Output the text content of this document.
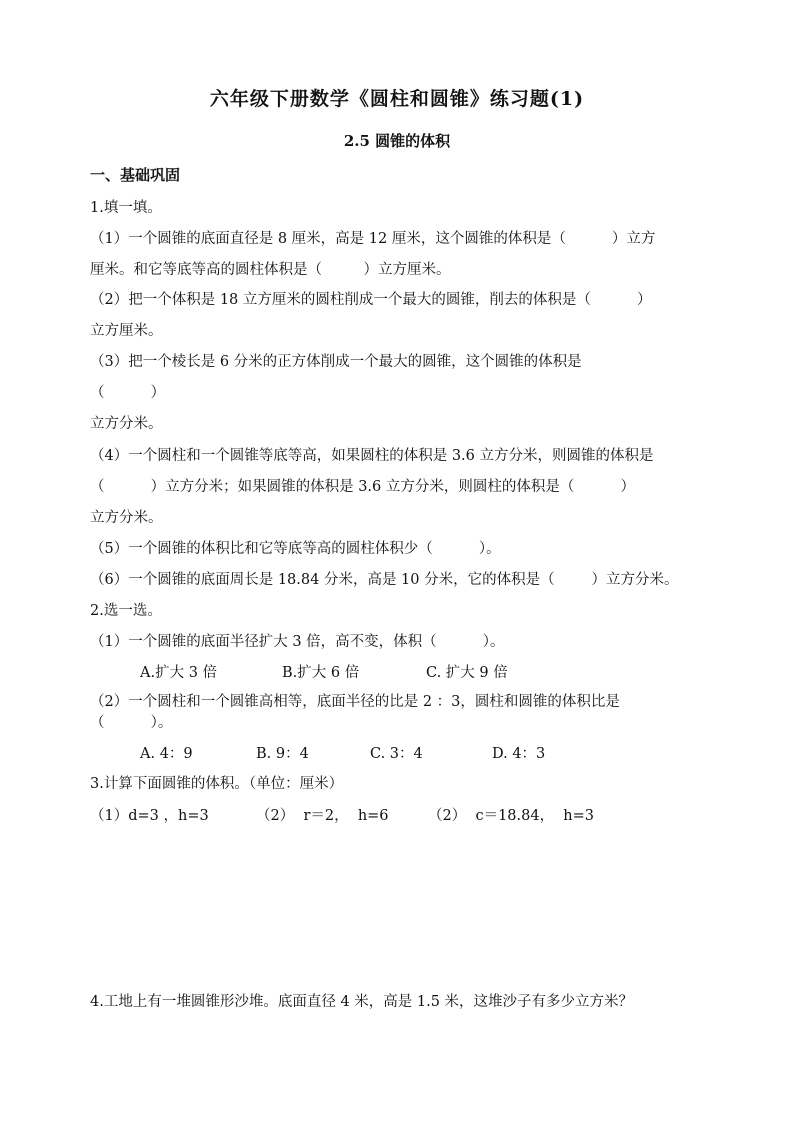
六年级下册数学《圆柱和圆锥》练习题(1)
2.5 圆锥的体积
一、基础巩固
1.填一填。
（1）一个圆锥的底面直径是 8 厘米，高是 12 厘米，这个圆锥的体积是（          ）立方
厘米。和它等底等高的圆柱体积是（         ）立方厘米。
（2）把一个体积是 18 立方厘米的圆柱削成一个最大的圆锥，削去的体积是（          ）
立方厘米。
（3）把一个棱长是 6 分米的正方体削成一个最大的圆锥，这个圆锥的体积是
（          ）
立方分米。
（4）一个圆柱和一个圆锥等底等高，如果圆柱的体积是 3.6 立方分米，则圆锥的体积是
（          ）立方分米；如果圆锥的体积是 3.6 立方分米，则圆柱的体积是（          ）
立方分米。
（5）一个圆锥的体积比和它等底等高的圆柱体积少（          ）。
（6）一个圆锥的底面周长是 18.84 分米，高是 10 分米，它的体积是（        ）立方分米。
2.选一选。
（1）一个圆锥的底面半径扩大 3 倍，高不变，体积（          ）。
A.扩大 3 倍	B.扩大 6 倍	C. 扩大 9 倍
（2）一个圆柱和一个圆锥高相等，底面半径的比是 2 ：3，圆柱和圆锥的体积比是
（          ）。
A. 4：9	B. 9：4	C. 3：4	D. 4：3
3.计算下面圆锥的体积。（单位：厘米）
（1）d=3 ，h=3	（2）  r＝2，  h=6	（2）  c＝18.84，  h=3
4.工地上有一堆圆锥形沙堆。底面直径 4 米，高是 1.5 米，这堆沙子有多少立方米？
